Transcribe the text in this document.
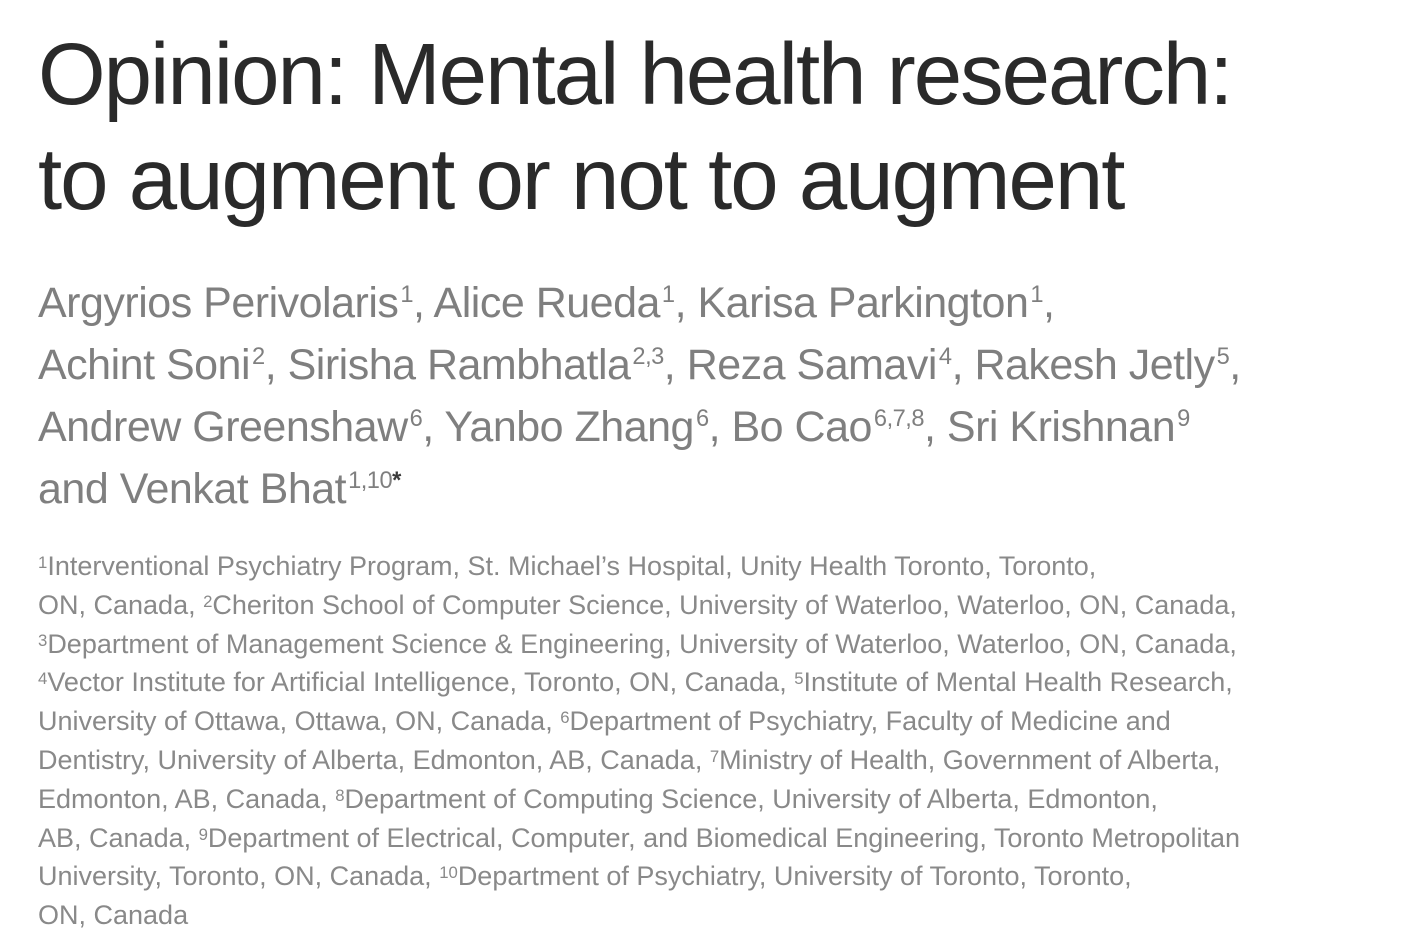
Opinion: Mental health research:
to augment or not to augment
Argyrios Perivolaris$^1$, Alice Rueda$^1$, Karisa Parkington$^1$,
Achint Soni$^2$, Sirisha Rambhatla$^{2,3}$, Reza Samavi$^4$, Rakesh Jetly$^5$,
Andrew Greenshaw$^6$, Yanbo Zhang$^6$, Bo Cao$^{6,7,8}$, Sri Krishnan$^9$
and Venkat Bhat$^{1,10*}$
$^1$Interventional Psychiatry Program, St. Michael’s Hospital, Unity Health Toronto, Toronto,
ON, Canada, $^2$Cheriton School of Computer Science, University of Waterloo, Waterloo, ON, Canada,
$^3$Department of Management Science & Engineering, University of Waterloo, Waterloo, ON, Canada,
$^4$Vector Institute for Artificial Intelligence, Toronto, ON, Canada, $^5$Institute of Mental Health Research,
University of Ottawa, Ottawa, ON, Canada, $^6$Department of Psychiatry, Faculty of Medicine and
Dentistry, University of Alberta, Edmonton, AB, Canada, $^7$Ministry of Health, Government of Alberta,
Edmonton, AB, Canada, $^8$Department of Computing Science, University of Alberta, Edmonton,
AB, Canada, $^9$Department of Electrical, Computer, and Biomedical Engineering, Toronto Metropolitan
University, Toronto, ON, Canada, $^{10}$Department of Psychiatry, University of Toronto, Toronto,
ON, Canada
